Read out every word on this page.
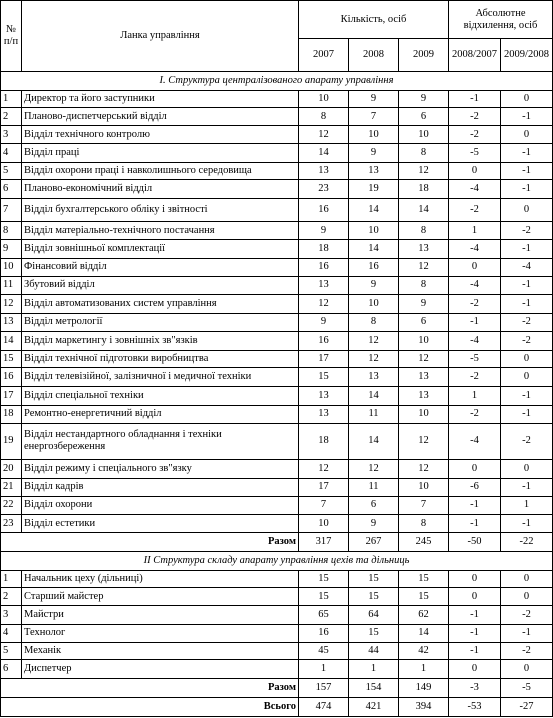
№ п/п	Ланка управління	Кількість, осіб			Абсолютне відхилення, осіб	
		2007	2008	2009	2008/2007	2009/2008
I. Структура централізованого апарату управління						
1	Директор та його заступники	10	9	9	-1	0
2	Планово-диспетчерський відділ	8	7	6	-2	-1
3	Відділ технічного контролю	12	10	10	-2	0
4	Відділ праці	14	9	8	-5	-1
5	Відділ охорони праці і навколишнього середовища	13	13	12	0	-1
6	Планово-економічний відділ	23	19	18	-4	-1
7	Відділ бухгалтерського обліку і звітності	16	14	14	-2	0
8	Відділ матеріально-технічного постачання	9	10	8	1	-2
9	Відділ зовнішньої комплектації	18	14	13	-4	-1
10	Фінансовий відділ	16	16	12	0	-4
11	Збутовий відділ	13	9	8	-4	-1
12	Відділ автоматизованих систем управління	12	10	9	-2	-1
13	Відділ метрології	9	8	6	-1	-2
14	Відділ маркетингу і зовнішніх зв"язків	16	12	10	-4	-2
15	Відділ технічної підготовки виробництва	17	12	12	-5	0
16	Відділ телевізійної, залізничної і медичної техніки	15	13	13	-2	0
17	Відділ спеціальної техніки	13	14	13	1	-1
18	Ремонтно-енергетичний відділ	13	11	10	-2	-1
19	Відділ нестандартного обладнання і техніки енергозбереження	18	14	12	-4	-2
20	Відділ режиму і спеціального зв"язку	12	12	12	0	0
21	Відділ кадрів	17	11	10	-6	-1
22	Відділ охорони	7	6	7	-1	1
23	Відділ естетики	10	9	8	-1	-1
Разом		317	267	245	-50	-22
II Структура складу апарату управління цехів та дільниць						
1	Начальник цеху (дільниці)	15	15	15	0	0
2	Старший майстер	15	15	15	0	0
3	Майстри	65	64	62	-1	-2
4	Технолог	16	15	14	-1	-1
5	Механік	45	44	42	-1	-2
6	Диспетчер	1	1	1	0	0
Разом		157	154	149	-3	-5
Всього		474	421	394	-53	-27
